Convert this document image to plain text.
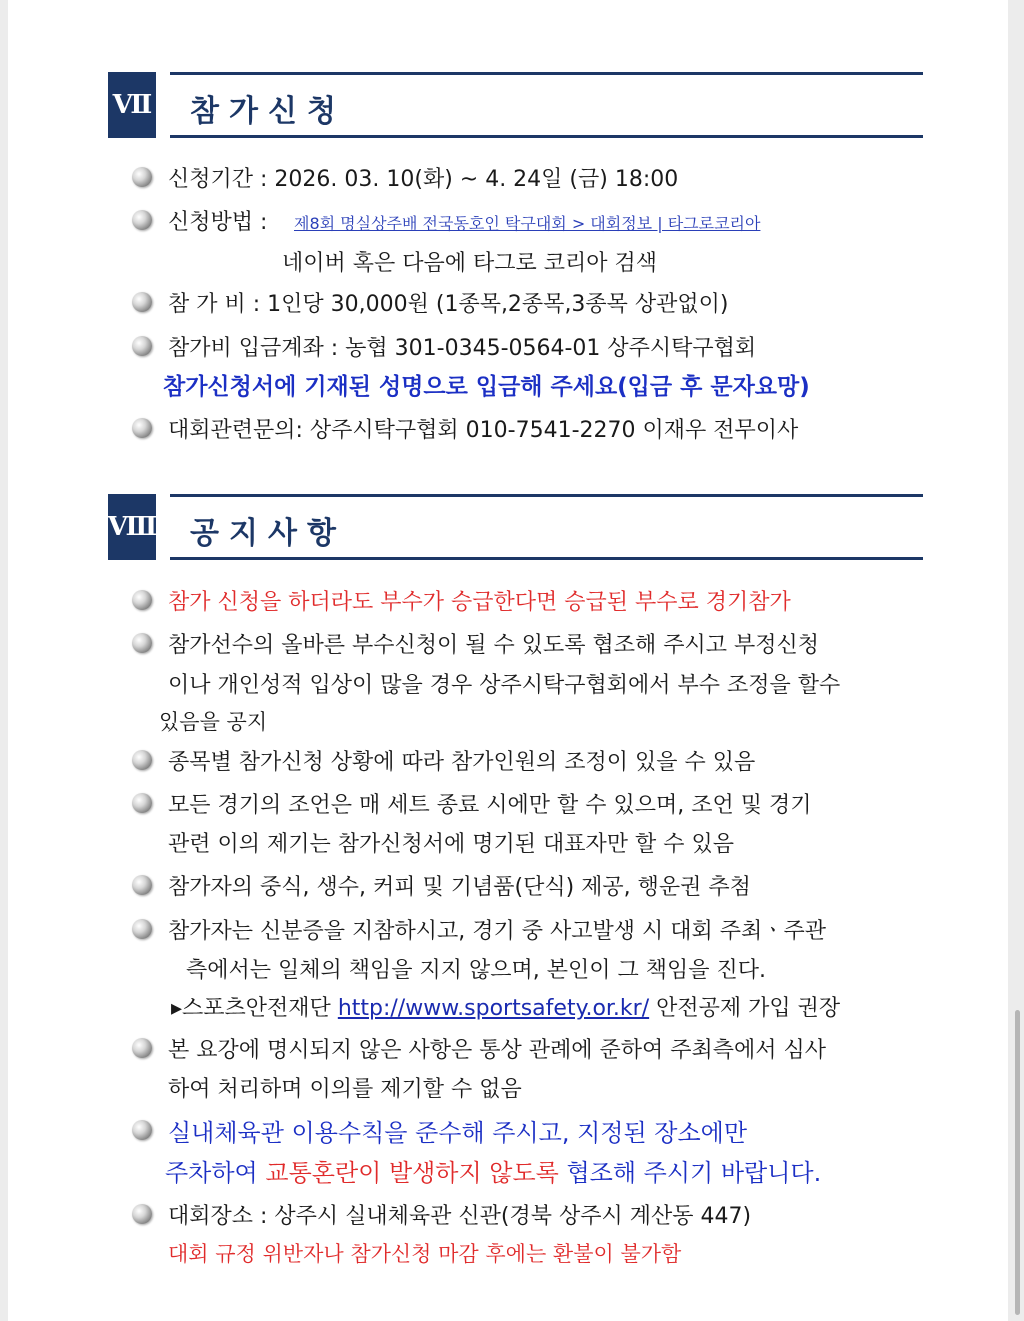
Ⅶ 참가신청
신청기간 : 2026. 03. 10(화) ~ 4. 24일 (금) 18:00
신청방법 : 제8회 명실상주배 전국동호인 탁구대회 > 대회정보 | 타그로코리아
네이버 혹은 다음에 타그로 코리아 검색
참 가 비 : 1인당 30,000원 (1종목,2종목,3종목 상관없이)
참가비 입금계좌 : 농협 301-0345-0564-01 상주시탁구협회
참가신청서에 기재된 성명으로 입금해 주세요(입금 후 문자요망)
대회관련문의: 상주시탁구협회 010-7541-2270 이재우 전무이사
Ⅷ 공지사항
참가 신청을 하더라도 부수가 승급한다면 승급된 부수로 경기참가
참가선수의 올바른 부수신청이 될 수 있도록 협조해 주시고 부정신청
이나 개인성적 입상이 많을 경우 상주시탁구협회에서 부수 조정을 할수
있음을 공지
종목별 참가신청 상황에 따라 참가인원의 조정이 있을 수 있음
모든 경기의 조언은 매 세트 종료 시에만 할 수 있으며, 조언 및 경기
관련 이의 제기는 참가신청서에 명기된 대표자만 할 수 있음
참가자의 중식, 생수, 커피 및 기념품(단식) 제공, 행운권 추첨
참가자는 신분증을 지참하시고, 경기 중 사고발생 시 대회 주최ㆍ주관
측에서는 일체의 책임을 지지 않으며, 본인이 그 책임을 진다.
▸스포츠안전재단 http://www.sportsafety.or.kr/ 안전공제 가입 권장
본 요강에 명시되지 않은 사항은 통상 관례에 준하여 주최측에서 심사
하여 처리하며 이의를 제기할 수 없음
실내체육관 이용수칙을 준수해 주시고, 지정된 장소에만
주차하여 교통혼란이 발생하지 않도록 협조해 주시기 바랍니다.
대회장소 : 상주시 실내체육관 신관(경북 상주시 계산동 447)
대회 규정 위반자나 참가신청 마감 후에는 환불이 불가함
